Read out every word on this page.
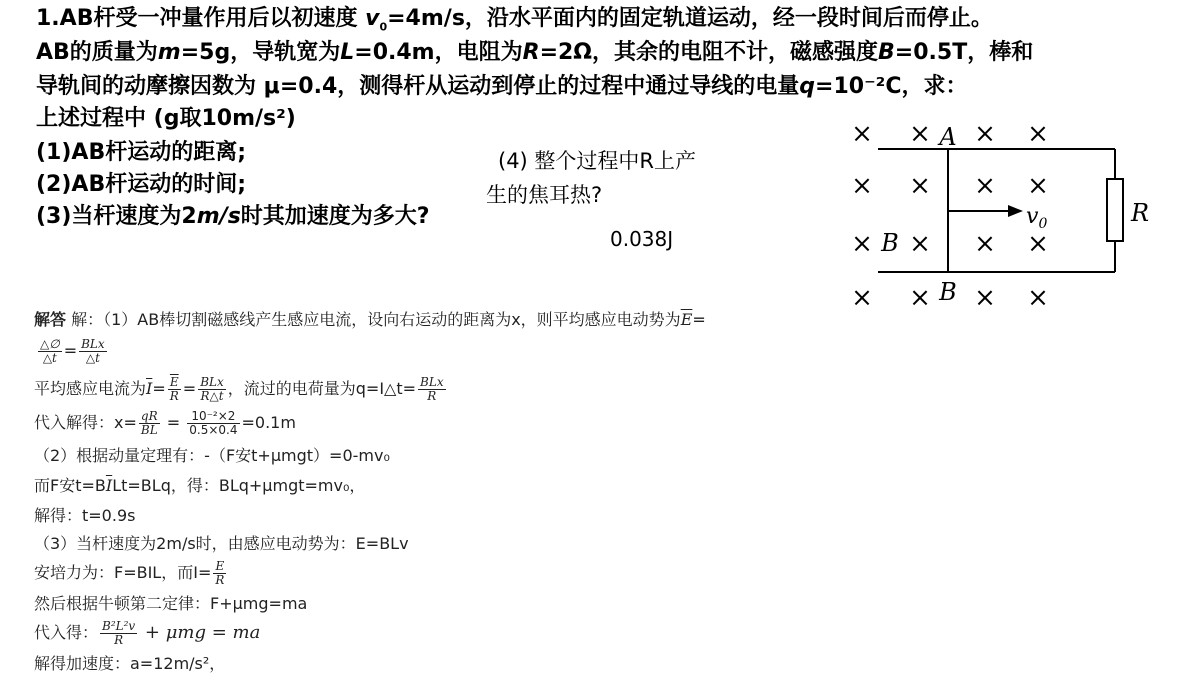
1.AB杆受一冲量作用后以初速度 $v_0=4m/s$，沿水平面内的固定轨道运动，经一段时间后而停止。
AB的质量为m=5g，导轨宽为L=0.4m，电阻为R=2Ω，其余的电阻不计，磁感强度B=0.5T，棒和
导轨间的动摩擦因数为 μ=0.4，测得杆从运动到停止的过程中通过导线的电量q=10⁻²C，求：
上述过程中 (g取10m/s²)
(1)AB杆运动的距离;
(2)AB杆运动的时间;
(3)当杆速度为2m/s时其加速度为多大?
(4) 整个过程中R上产
生的焦耳热?
0.038J
× × × ×
× × × ×
× × × ×
× × × ×
A
B
B
R
$v_0$
解答 解：（1）AB棒切割磁感线产生感应电流，设向右运动的距离为x，则平均感应电动势为$\overline{E}=$
$\frac{\triangle\emptyset}{\triangle t} = \frac{\text{BLx}}{\triangle t}$
平均感应电流为$\overline{I}= \frac{\overline{E}}{R} = \frac{\text{BLx}}{R\triangle t}$ ，流过的电荷量为q=I△t= $\frac{\text{BLx}}{R}$
代入解得：$x= \frac{qR}{BL} = \frac{\text{10⁻²×2}}{0.5\times 0.4} =0.1m$
（2）根据动量定理有：-（F安t+μmgt）=0-mv₀
而F安$t=B\overline{I}Lt=BLq$，得：BLq+μmgt=mv₀，
解得：t=0.9s
（3）当杆速度为2m/s时，由感应电动势为：E=BLv
安培力为：F=BIL，而$I= \frac{E}{R}$
然后根据牛顿第二定律：F+μmg=ma
代入得： $\frac{\text{B²L²v}}{R} + \mu mg$ = ma
解得加速度：a=12m/s²，
